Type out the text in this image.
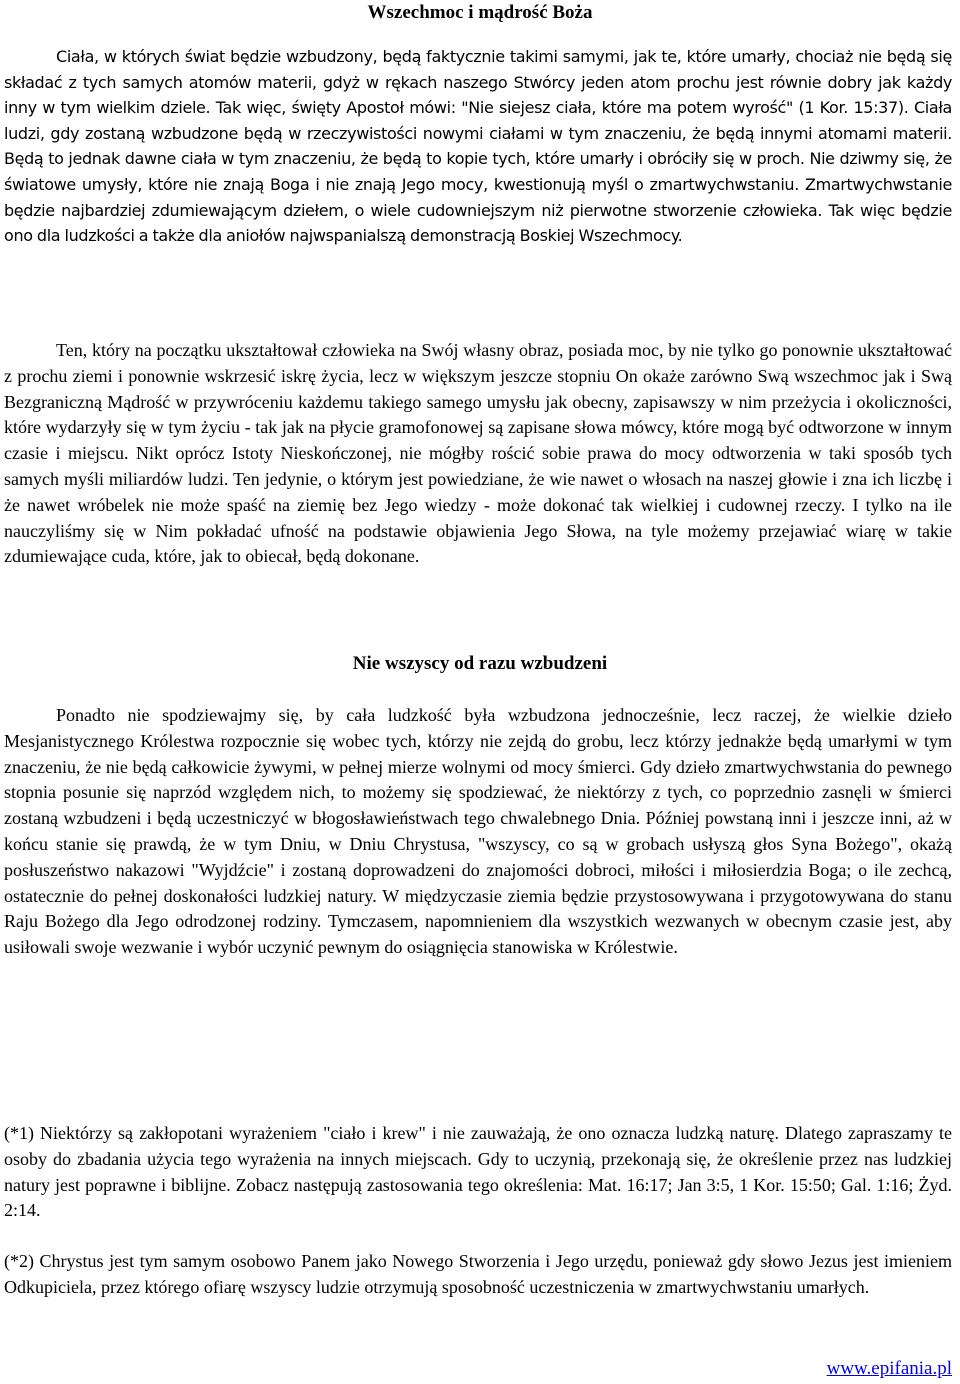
Wszechmoc i mądrość Boża

Ciała, w których świat będzie wzbudzony, będą faktycznie takimi samymi, jak te, które umarły, chociaż nie będą się składać z tych samych atomów materii, gdyż w rękach naszego Stwórcy jeden atom prochu jest równie dobry jak każdy inny w tym wielkim dziele. Tak więc, święty Apostoł mówi: "Nie siejesz ciała, które ma potem wyrość" (1 Kor. 15:37). Ciała ludzi, gdy zostaną wzbudzone będą w rzeczywistości nowymi ciałami w tym znaczeniu, że będą innymi atomami materii. Będą to jednak dawne ciała w tym znaczeniu, że będą to kopie tych, które umarły i obróciły się w proch. Nie dziwmy się, że światowe umysły, które nie znają Boga i nie znają Jego mocy, kwestionują myśl o zmartwychwstaniu. Zmartwychwstanie będzie najbardziej zdumiewającym dziełem, o wiele cudowniejszym niż pierwotne stworzenie człowieka. Tak więc będzie ono dla ludzkości a także dla aniołów najwspanialszą demonstracją Boskiej Wszechmocy.

Ten, który na początku ukształtował człowieka na Swój własny obraz, posiada moc, by nie tylko go ponownie ukształtować z prochu ziemi i ponownie wskrzesić iskrę życia, lecz w większym jeszcze stopniu On okaże zarówno Swą wszechmoc jak i Swą Bezgraniczną Mądrość w przywróceniu każdemu takiego samego umysłu jak obecny, zapisawszy w nim przeżycia i okoliczności, które wydarzyły się w tym życiu - tak jak na płycie gramofonowej są zapisane słowa mówcy, które mogą być odtworzone w innym czasie i miejscu. Nikt oprócz Istoty Nieskończonej, nie mógłby rościć sobie prawa do mocy odtworzenia w taki sposób tych samych myśli miliardów ludzi. Ten jedynie, o którym jest powiedziane, że wie nawet o włosach na naszej głowie i zna ich liczbę i że nawet wróbelek nie może spaść na ziemię bez Jego wiedzy - może dokonać tak wielkiej i cudownej rzeczy. I tylko na ile nauczyliśmy się w Nim pokładać ufność na podstawie objawienia Jego Słowa, na tyle możemy przejawiać wiarę w takie zdumiewające cuda, które, jak to obiecał, będą dokonane.

Nie wszyscy od razu wzbudzeni

Ponadto nie spodziewajmy się, by cała ludzkość była wzbudzona jednocześnie, lecz raczej, że wielkie dzieło Mesjanistycznego Królestwa rozpocznie się wobec tych, którzy nie zejdą do grobu, lecz którzy jednakże będą umarłymi w tym znaczeniu, że nie będą całkowicie żywymi, w pełnej mierze wolnymi od mocy śmierci. Gdy dzieło zmartwychwstania do pewnego stopnia posunie się naprzód względem nich, to możemy się spodziewać, że niektórzy z tych, co poprzednio zasnęli w śmierci zostaną wzbudzeni i będą uczestniczyć w błogosławieństwach tego chwalebnego Dnia. Później powstaną inni i jeszcze inni, aż w końcu stanie się prawdą, że w tym Dniu, w Dniu Chrystusa, "wszyscy, co są w grobach usłyszą głos Syna Bożego", okażą posłuszeństwo nakazowi "Wyjdźcie" i zostaną doprowadzeni do znajomości dobroci, miłości i miłosierdzia Boga; o ile zechcą, ostatecznie do pełnej doskonałości ludzkiej natury. W międzyczasie ziemia będzie przystosowywana i przygotowywana do stanu Raju Bożego dla Jego odrodzonej rodziny. Tymczasem, napomnieniem dla wszystkich wezwanych w obecnym czasie jest, aby usiłowali swoje wezwanie i wybór uczynić pewnym do osiągnięcia stanowiska w Królestwie.

(*1) Niektórzy są zakłopotani wyrażeniem "ciało i krew" i nie zauważają, że ono oznacza ludzką naturę. Dlatego zapraszamy te osoby do zbadania użycia tego wyrażenia na innych miejscach. Gdy to uczynią, przekonają się, że określenie przez nas ludzkiej natury jest poprawne i biblijne. Zobacz następują zastosowania tego określenia: Mat. 16:17; Jan 3:5, 1 Kor. 15:50; Gal. 1:16; Żyd. 2:14.

(*2) Chrystus jest tym samym osobowo Panem jako Nowego Stworzenia i Jego urzędu, ponieważ gdy słowo Jezus jest imieniem Odkupiciela, przez którego ofiarę wszyscy ludzie otrzymują sposobność uczestniczenia w zmartwychwstaniu umarłych.

www.epifania.pl
